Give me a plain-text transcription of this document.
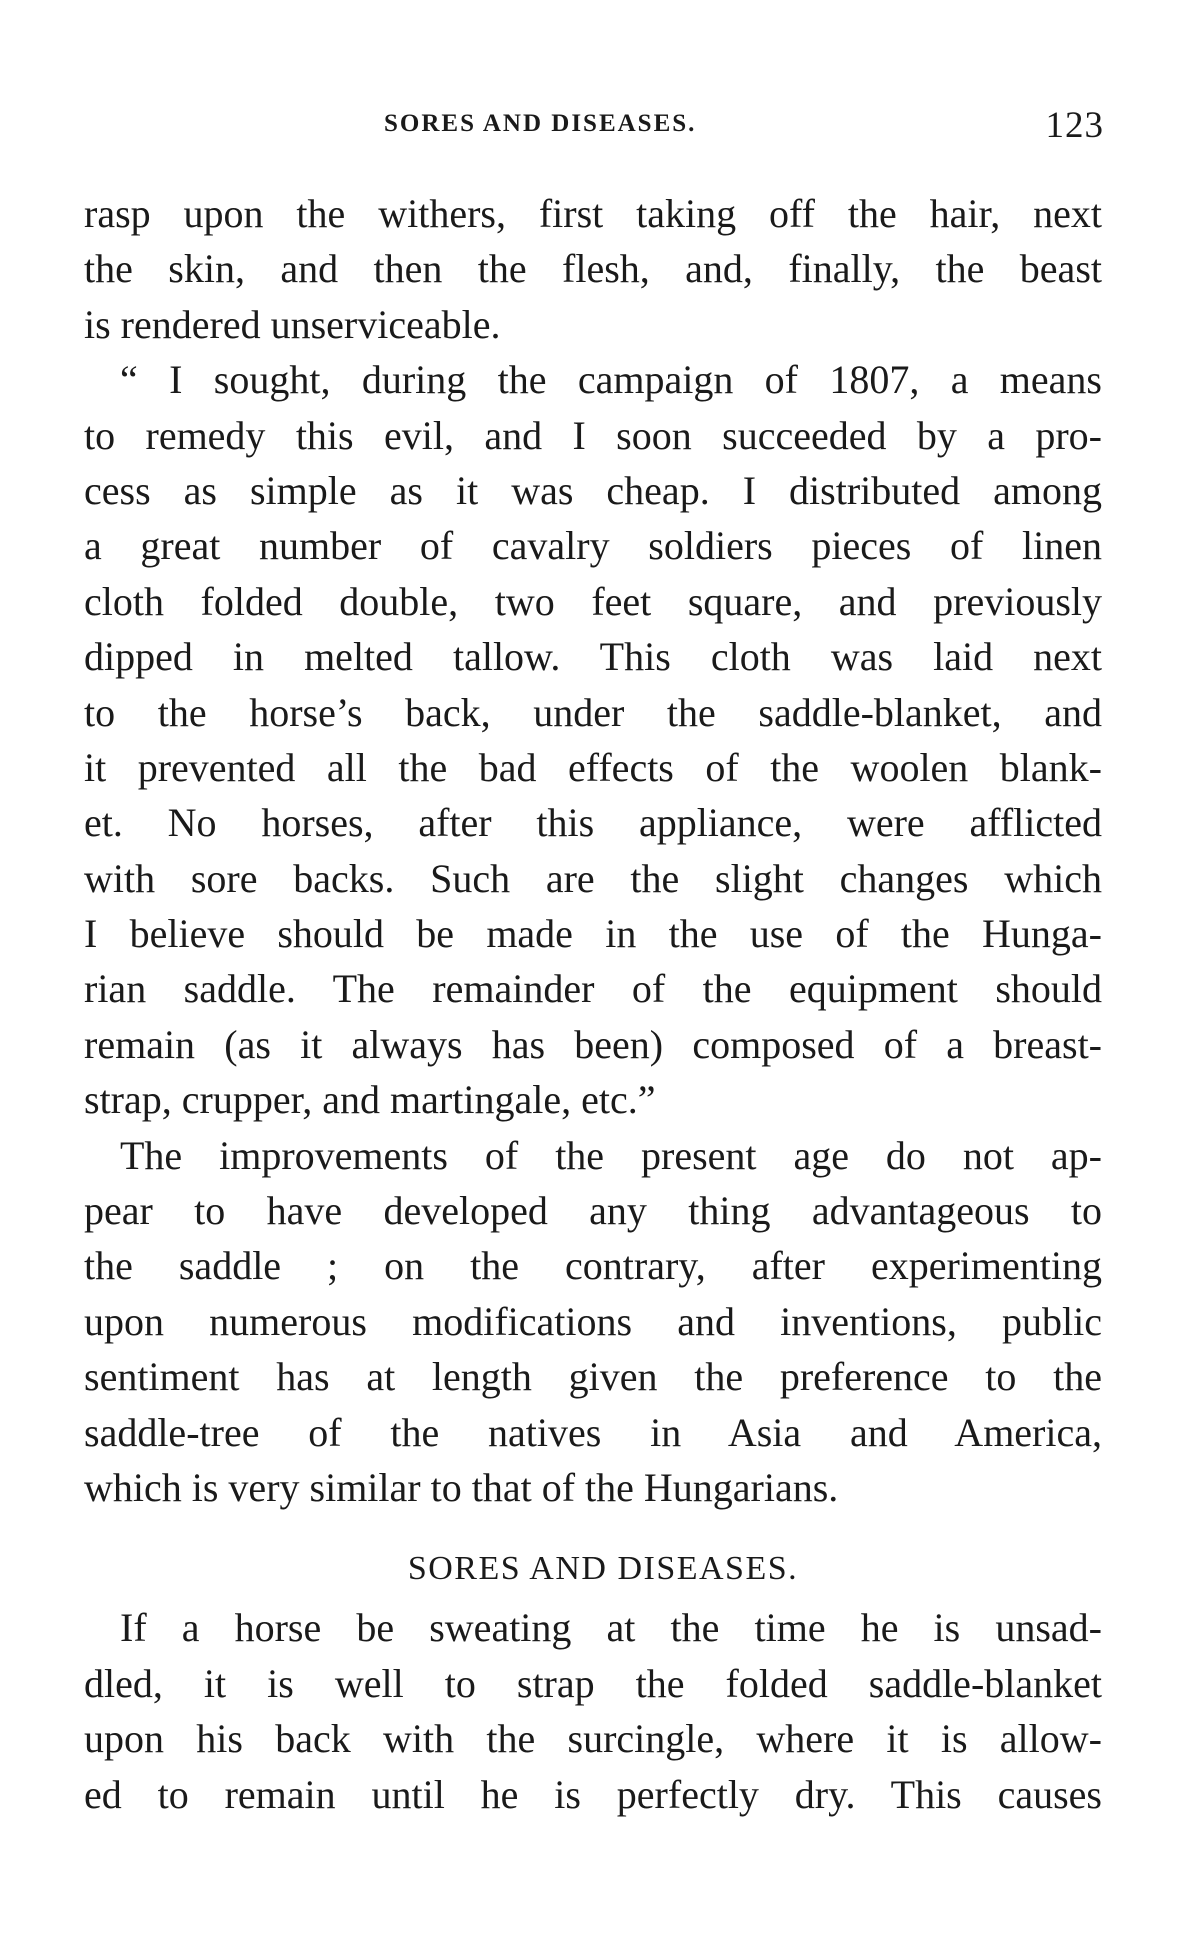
SORES AND DISEASES.	123
rasp upon the withers, first taking off the hair, next
the skin, and then the flesh, and, finally, the beast
is rendered unserviceable.
“ I sought, during the campaign of 1807, a means
to remedy this evil, and I soon succeeded by a pro-
cess as simple as it was cheap. I distributed among
a great number of cavalry soldiers pieces of linen
cloth folded double, two feet square, and previously
dipped in melted tallow. This cloth was laid next
to the horse’s back, under the saddle-blanket, and
it prevented all the bad effects of the woolen blank-
et. No horses, after this appliance, were afflicted
with sore backs. Such are the slight changes which
I believe should be made in the use of the Hunga-
rian saddle. The remainder of the equipment should
remain (as it always has been) composed of a breast-
strap, crupper, and martingale, etc.”
The improvements of the present age do not ap-
pear to have developed any thing advantageous to
the saddle ; on the contrary, after experimenting
upon numerous modifications and inventions, public
sentiment has at length given the preference to the
saddle-tree of the natives in Asia and America,
which is very similar to that of the Hungarians.
SORES AND DISEASES.
If a horse be sweating at the time he is unsad-
dled, it is well to strap the folded saddle-blanket
upon his back with the surcingle, where it is allow-
ed to remain until he is perfectly dry. This causes
